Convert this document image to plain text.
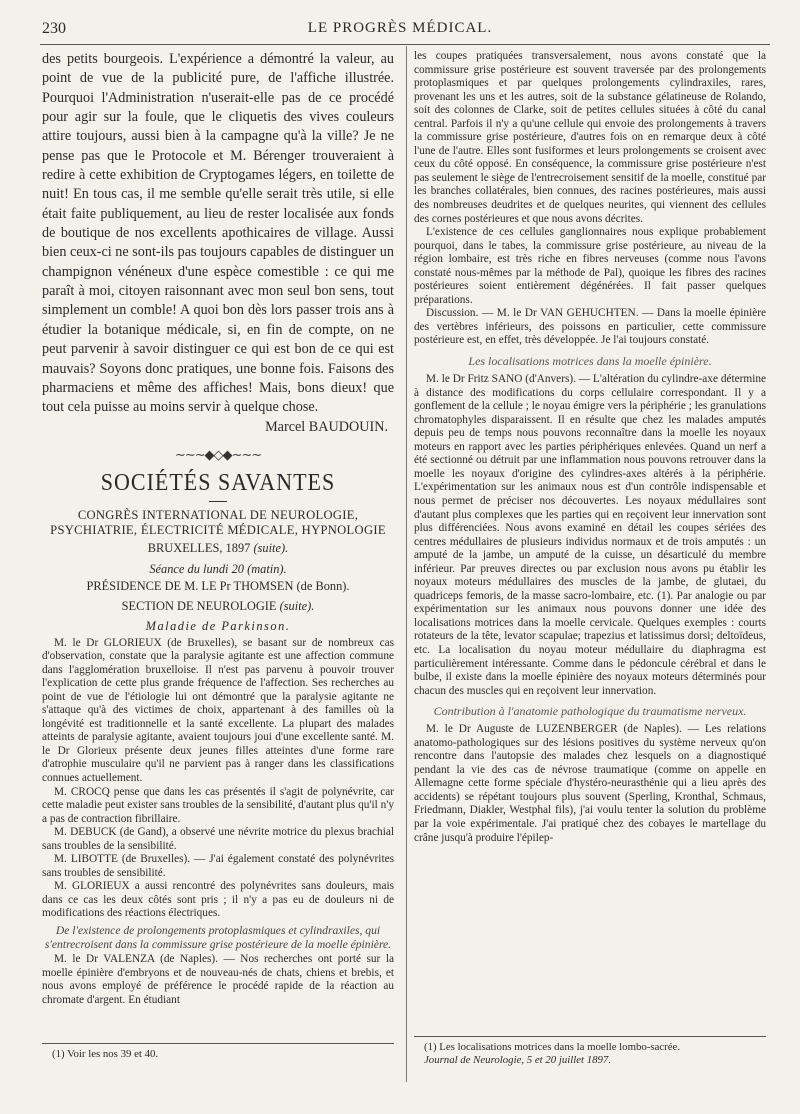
230	LE PROGRÈS MÉDICAL.

des petits bourgeois. L'expérience a démontré la valeur, au point de vue de la publicité pure, de l'affiche illustrée. Pourquoi l'Administration n'userait-elle pas de ce procédé pour agir sur la foule, que le cliquetis des vives couleurs attire toujours, aussi bien à la campagne qu'à la ville? Je ne pense pas que le Protocole et M. Bérenger trouveraient à redire à cette exhibition de Cryptogames légers, en toilette de nuit! En tous cas, il me semble qu'elle serait très utile, si elle était faite publiquement, au lieu de rester localisée aux fonds de boutique de nos excellents apothicaires de village. Aussi bien ceux-ci ne sont-ils pas toujours capables de distinguer un champignon vénéneux d'une espèce comestible : ce qui me paraît à moi, citoyen raisonnant avec mon seul bon sens, tout simplement un comble! A quoi bon dès lors passer trois ans à étudier la botanique médicale, si, en fin de compte, on ne peut parvenir à savoir distinguer ce qui est bon de ce qui est mauvais? Soyons donc pratiques, une bonne fois. Faisons des pharmaciens et même des affiches! Mais, bons dieux! que tout cela puisse au moins servir à quelque chose.

Marcel BAUDOUIN.

∼∼∼◆◇◆∼∼∼
SOCIÉTÉS SAVANTES
CONGRÈS INTERNATIONAL DE NEUROLOGIE,
PSYCHIATRIE, ÉLECTRICITÉ MÉDICALE, HYPNOLOGIE
BRUXELLES, 1897 (suite).
Séance du lundi 20 (matin).
PRÉSIDENCE DE M. LE Pr THOMSEN (de Bonn).
SECTION DE NEUROLOGIE (suite).
Maladie de Parkinson.

M. le Dr GLORIEUX (de Bruxelles), se basant sur de nombreux cas d'observation, constate que la paralysie agitante est une affection commune dans l'agglomération bruxelloise. Il n'est pas parvenu à pouvoir trouver l'explication de cette plus grande fréquence de l'affection. Ses recherches au point de vue de l'étiologie lui ont démontré que la paralysie agitante ne s'attaque qu'à des victimes de choix, appartenant à des familles où la longévité est traditionnelle et la santé excellente. La plupart des malades atteints de paralysie agitante, avaient toujours joui d'une excellente santé. M. le Dr Glorieux présente deux jeunes filles atteintes d'une forme rare d'atrophie musculaire qu'il ne parvient pas à ranger dans les classifications connues actuellement.

M. CROCQ pense que dans les cas présentés il s'agit de polynévrite, car cette maladie peut exister sans troubles de la sensibilité, d'autant plus qu'il n'y a pas de contraction fibrillaire.

M. DEBUCK (de Gand), a observé une névrite motrice du plexus brachial sans troubles de la sensibilité.

M. LIBOTTE (de Bruxelles). — J'ai également constaté des polynévrites sans troubles de sensibilité.

M. GLORIEUX a aussi rencontré des polynévrites sans douleurs, mais dans ce cas les deux côtés sont pris ; il n'y a pas eu de douleurs ni de modifications des réactions électriques.

De l'existence de prolongements protoplasmiques et cylindraxiles, qui s'entrecroisent dans la commissure grise postérieure de la moelle épinière.

M. le Dr VALENZA (de Naples). — Nos recherches ont porté sur la moelle épinière d'embryons et de nouveau-nés de chats, chiens et brebis, et nous avons employé de préférence le procédé rapide de la réaction au chromate d'argent. En étudiant

(1) Voir les nos 39 et 40.

les coupes pratiquées transversalement, nous avons constaté que la commissure grise postérieure est souvent traversée par des prolongements protoplasmiques et par quelques prolongements cylindraxiles, rares, provenant les uns et les autres, soit de la substance gélatineuse de Rolando, soit des colonnes de Clarke, soit de petites cellules situées à côté du canal central. Parfois il n'y a qu'une cellule qui envoie des prolongements à travers la commissure grise postérieure, d'autres fois on en remarque deux à côté l'une de l'autre. Elles sont fusiformes et leurs prolongements se croisent avec ceux du côté opposé. En conséquence, la commissure grise postérieure n'est pas seulement le siège de l'entrecroisement sensitif de la moelle, constitué par les branches collatérales, bien connues, des racines postérieures, mais aussi des nombreuses deudrites et de quelques neurites, qui viennent des cellules des cornes postérieures et que nous avons décrites.

L'existence de ces cellules ganglionnaires nous explique probablement pourquoi, dans le tabes, la commissure grise postérieure, au niveau de la région lombaire, est très riche en fibres nerveuses (comme nous l'avons constaté nous-mêmes par la méthode de Pal), quoique les fibres des racines postérieures soient entièrement dégénérées. Il fait passer quelques préparations.

Discussion. — M. le Dr VAN GEHUCHTEN. — Dans la moelle épinière des vertèbres inférieurs, des poissons en particulier, cette commissure postérieure est, en effet, très développée. Je l'ai toujours constaté.

Les localisations motrices dans la moelle épinière.

M. le Dr Fritz SANO (d'Anvers). — L'altération du cylindre-axe détermine à distance des modifications du corps cellulaire correspondant. Il y a gonflement de la cellule ; le noyau émigre vers la périphérie ; les granulations chromatophyles disparaissent. Il en résulte que chez les malades amputés depuis peu de temps nous pouvons reconnaître dans la moelle les noyaux moteurs en rapport avec les parties périphériques enlevées. Quand un nerf a été sectionné ou détruit par une inflammation nous pouvons retrouver dans la moelle les noyaux d'origine des cylindres-axes altérés à la périphérie. L'expérimentation sur les animaux nous est d'un contrôle indispensable et nous permet de préciser nos découvertes. Les noyaux médullaires sont d'autant plus complexes que les parties qui en reçoivent leur innervation sont plus différenciées. Nous avons examiné en détail les coupes sériées des centres médullaires de plusieurs individus normaux et de trois amputés : un amputé de la jambe, un amputé de la cuisse, un désarticulé du membre inférieur. Par preuves directes ou par exclusion nous avons pu établir les noyaux moteurs médullaires des muscles de la jambe, de glutaei, du quadriceps femoris, de la masse sacro-lombaire, etc. (1). Par analogie ou par expérimentation sur les animaux nous pouvons donner une idée des localisations motrices dans la moelle cervicale. Quelques exemples : courts rotateurs de la tête, levator scapulae; trapezius et latissimus dorsi; deltoïdeus, etc. La localisation du noyau moteur médullaire du diaphragma est particulièrement intéressante. Comme dans le pédoncule cérébral et dans le bulbe, il existe dans la moelle épinière des noyaux moteurs déterminés pour chacun des muscles qui en reçoivent leur innervation.

Contribution à l'anatomie pathologique du traumatisme nerveux.

M. le Dr Auguste de LUZENBERGER (de Naples). — Les relations anatomo-pathologiques sur des lésions positives du système nerveux qu'on rencontre dans l'autopsie des malades chez lesquels on a diagnostiqué pendant la vie des cas de névrose traumatique (comme on appelle en Allemagne cette forme spéciale d'hystéro-neurasthénie qui a lieu après des accidents) se répétant toujours plus souvent (Sperling, Kronthal, Schmaus, Friedmann, Diakler, Westphal fils), j'ai voulu tenter la solution du problème par la voie expérimentale. J'ai pratiqué chez des cobayes le martellage du crâne jusqu'à produire l'épilep-

(1) Les localisations motrices dans la moelle lombo-sacrée.

Journal de Neurologie, 5 et 20 juillet 1897.
